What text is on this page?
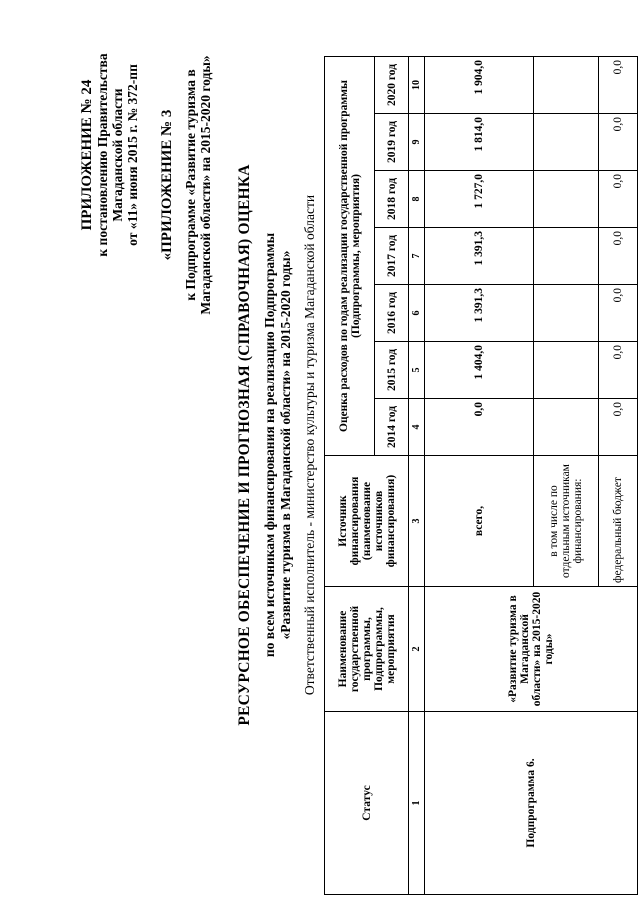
ПРИЛОЖЕНИЕ № 24 к постановлению Правительства Магаданской области от «11» июня 2015 г. № 372-пп «ПРИЛОЖЕНИЕ № 3 к Подпрограмме «Развитие туризма в Магаданской области» на 2015-2020 годы» РЕСУРСНОЕ ОБЕСПЕЧЕНИЕ И ПРОГНОЗНАЯ (СПРАВОЧНАЯ) ОЦЕНКА по всем источникам финансирования на реализацию Подпрограммы «Развитие туризма в Магаданской области» на 2015-2020 годы» Ответственный исполнитель - министерство культуры и туризма Магаданской области
Статус	Наименование государственной программы, Подпрограммы, мероприятия	Источник финансирования (наименование источников финансирования)	Оценка расходов по годам реализации государственной программы (Подпрограммы, мероприятия)						
			2014 год	2015 год	2016 год	2017 год	2018 год	2019 год	2020 год
1	2	3	4	5	6	7	8	9	10
Подпрограмма 6.	«Развитие туризма в Магаданской области» на 2015-2020 годы»	всего,	0,0	1 404,0	1 391,3	1 391,3	1 727,0	1 814,0	1 904,0
		в том числе по отдельным источникам финансирования:							
		федеральный бюджет	0,0	0,0	0,0	0,0	0,0	0,0	0,0
